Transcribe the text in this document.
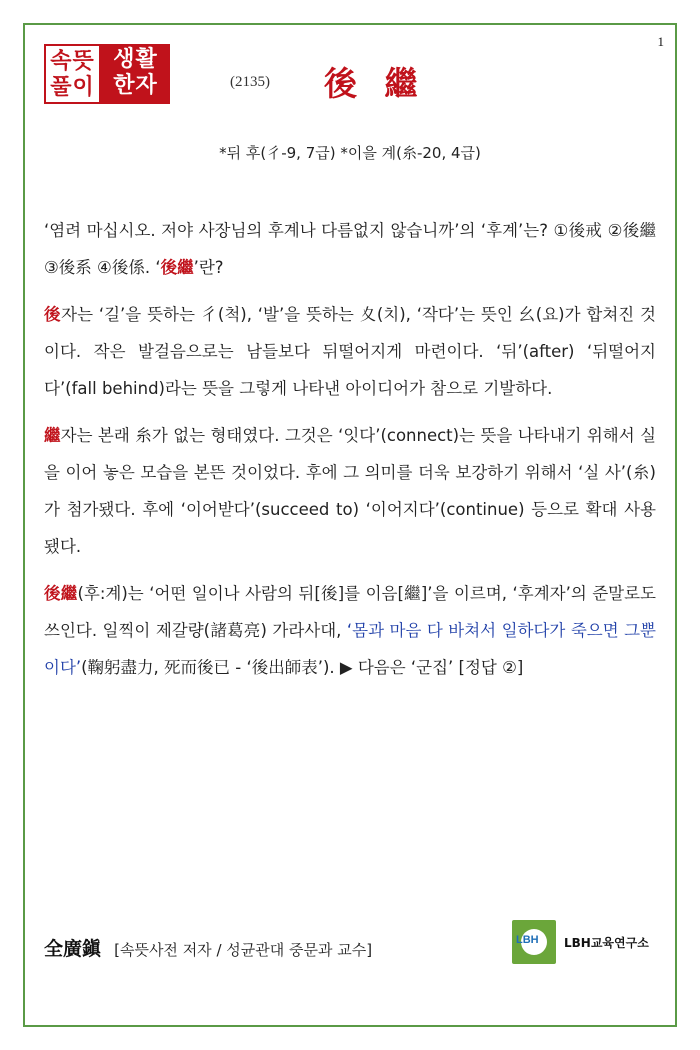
1
속뜻
풀이
생활
한자	(2135) 後 繼
*뒤 후(彳-9, 7급) *이을 계(糸-20, 4급)

‘염려 마십시오. 저야 사장님의 후계나 다름없지 않습니까’의 ‘후계’는? ①後戒 ②後繼 ③後系 ④後係. ‘後繼’란?

後자는 ‘길’을 뜻하는 彳(척), ‘발’을 뜻하는 夊(치), ‘작다’는 뜻인 幺(요)가 합쳐진 것이다. 작은 발걸음으로는 남들보다 뒤떨어지게 마련이다. ‘뒤’(after) ‘뒤떨어지다’(fall behind)라는 뜻을 그렇게 나타낸 아이디어가 참으로 기발하다.

繼자는 본래 糸가 없는 형태였다. 그것은 ‘잇다’(connect)는 뜻을 나타내기 위해서 실을 이어 놓은 모습을 본뜬 것이었다. 후에 그 의미를 더욱 보강하기 위해서 ‘실 사’(糸)가 첨가됐다. 후에 ‘이어받다’(succeed to) ‘이어지다’(continue) 등으로 확대 사용됐다.

後繼(후:계)는 ‘어떤 일이나 사람의 뒤[後]를 이음[繼]’을 이르며, ‘후계자’의 준말로도 쓰인다. 일찍이 제갈량(諸葛亮) 가라사대, ‘몸과 마음 다 바쳐서 일하다가 죽으면 그뿐이다’(鞠躬盡力, 死而後已 - ‘後出師表’). ▶ 다음은 ‘군집’ [정답 ②]

全廣鎭 [속뜻사전 저자 / 성균관대 중문과 교수]
LBH LBH교육연구소
